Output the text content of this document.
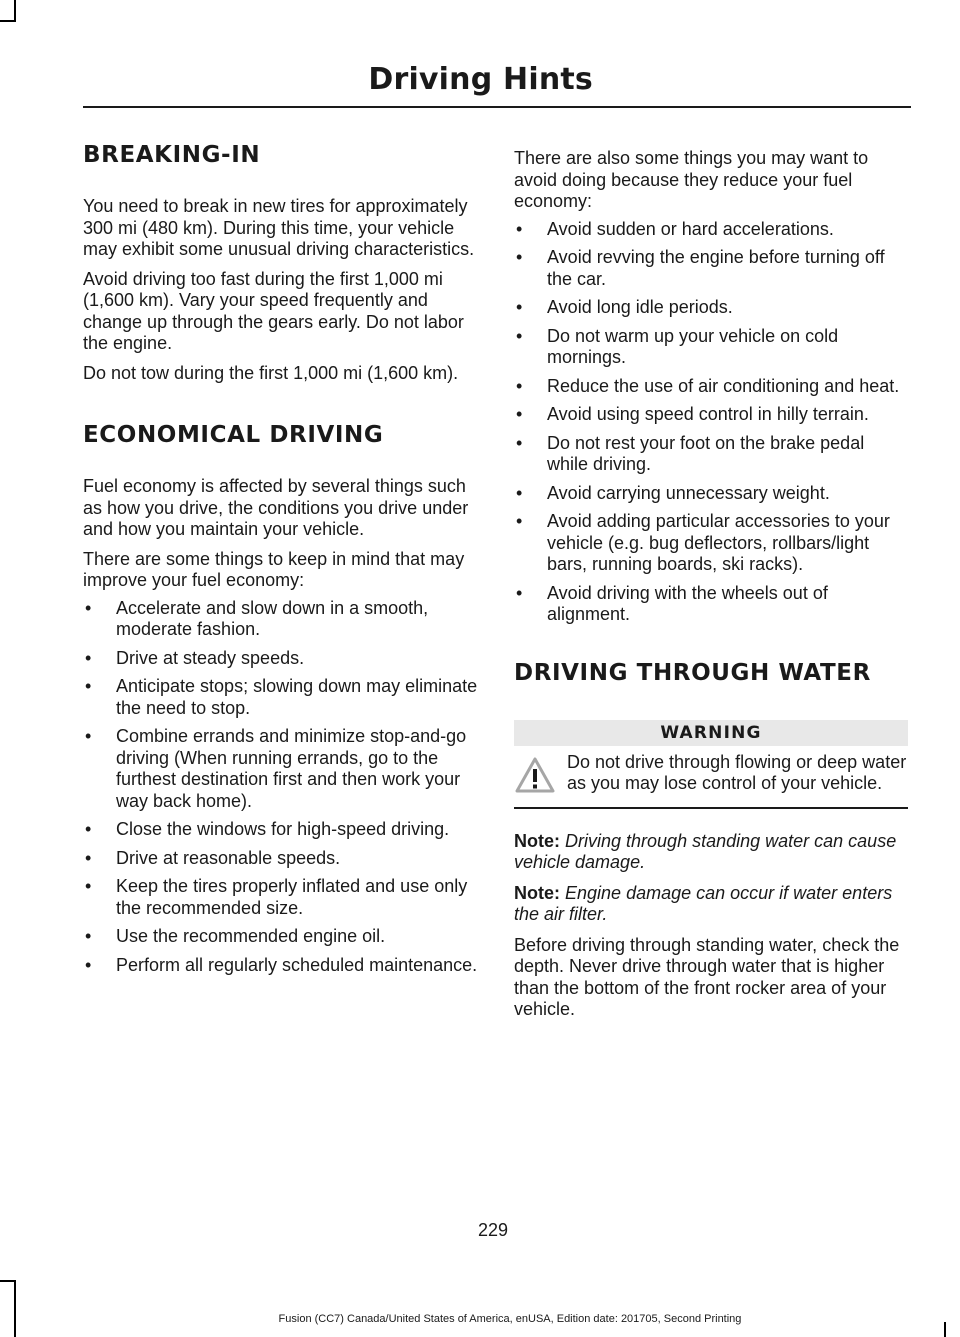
Driving Hints
BREAKING-IN

You need to break in new tires for approximately 300 mi (480 km). During this time, your vehicle may exhibit some unusual driving characteristics.

Avoid driving too fast during the first 1,000 mi (1,600 km). Vary your speed frequently and change up through the gears early. Do not labor the engine.

Do not tow during the first 1,000 mi (1,600 km).

ECONOMICAL DRIVING

Fuel economy is affected by several things such as how you drive, the conditions you drive under and how you maintain your vehicle.

There are some things to keep in mind that may improve your fuel economy:

• Accelerate and slow down in a smooth, moderate fashion.
• Drive at steady speeds.
• Anticipate stops; slowing down may eliminate the need to stop.
• Combine errands and minimize stop-and-go driving (When running errands, go to the furthest destination first and then work your way back home).
• Close the windows for high-speed driving.
• Drive at reasonable speeds.
• Keep the tires properly inflated and use only the recommended size.
• Use the recommended engine oil.
• Perform all regularly scheduled maintenance.

There are also some things you may want to avoid doing because they reduce your fuel economy:

• Avoid sudden or hard accelerations.
• Avoid revving the engine before turning off the car.
• Avoid long idle periods.
• Do not warm up your vehicle on cold mornings.
• Reduce the use of air conditioning and heat.
• Avoid using speed control in hilly terrain.
• Do not rest your foot on the brake pedal while driving.
• Avoid carrying unnecessary weight.
• Avoid adding particular accessories to your vehicle (e.g. bug deflectors, rollbars/light bars, running boards, ski racks).
• Avoid driving with the wheels out of alignment.
DRIVING THROUGH WATER
WARNING

Do not drive through flowing or deep water as you may lose control of your vehicle.

Note: Driving through standing water can cause vehicle damage.

Note: Engine damage can occur if water enters the air filter.

Before driving through standing water, check the depth. Never drive through water that is higher than the bottom of the front rocker area of your vehicle.

229
Fusion (CC7) Canada/United States of America, enUSA, Edition date: 201705, Second Printing
